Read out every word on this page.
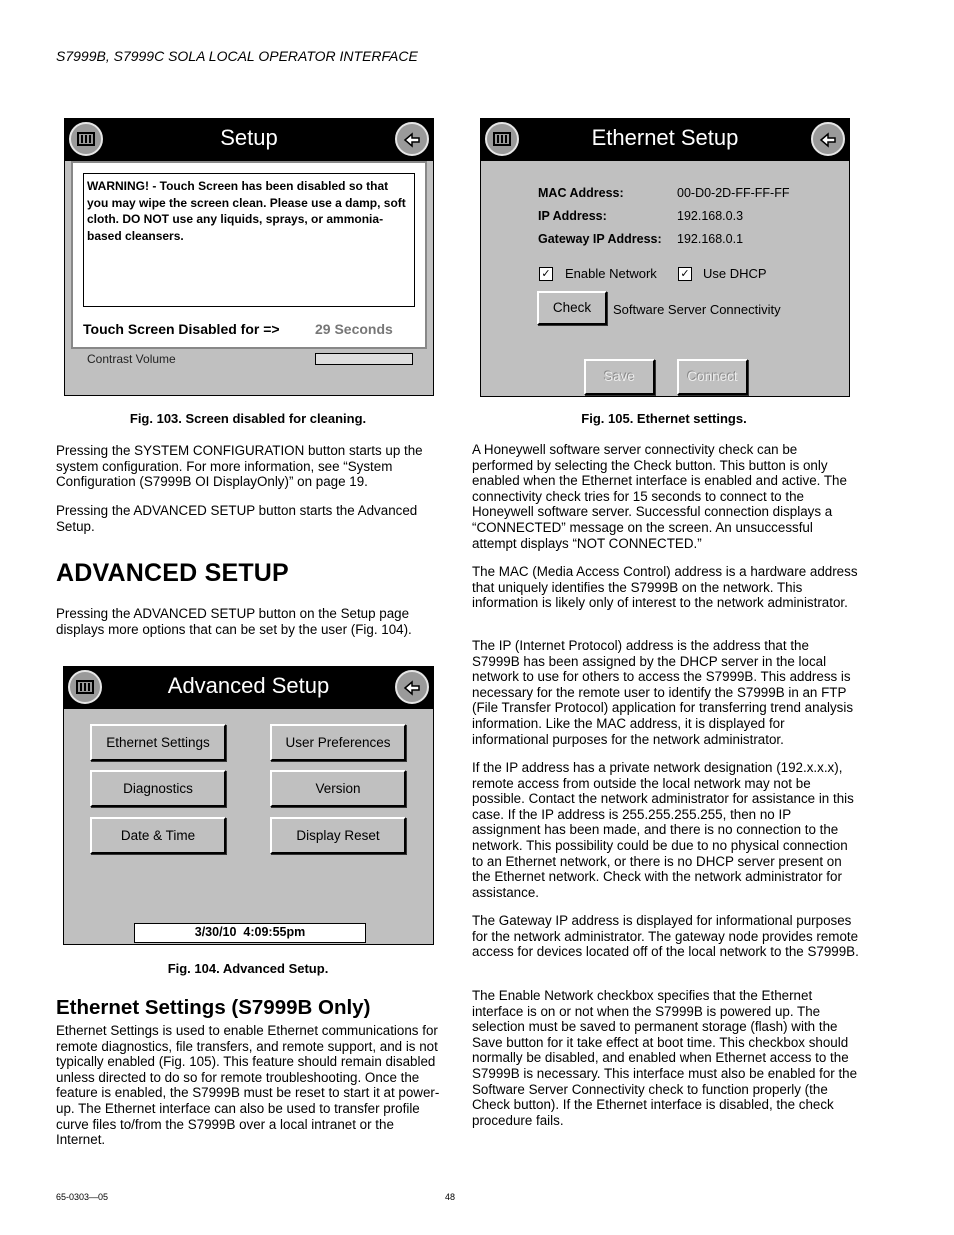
S7999B, S7999C SOLA LOCAL OPERATOR INTERFACE
Setup
Contrast Volume
WARNING! - Touch Screen has been disabled so that you may wipe the screen clean. Please use a damp, soft cloth. DO NOT use any liquids, sprays, or ammonia-based cleansers.
Touch Screen Disabled for =>	29 Seconds
Fig. 103. Screen disabled for cleaning.
Ethernet Setup
MAC Address:	00-D0-2D-FF-FF-FF
IP Address:	192.168.0.3
Gateway IP Address: 192.168.0.1
✓ Enable Network ✓ Use DHCP
Check	Software Server Connectivity
Save	Connect
Fig. 105. Ethernet settings.
Pressing the SYSTEM CONFIGURATION button starts up the system configuration. For more information, see “System Configuration (S7999B OI DisplayOnly)” on page 19.
Pressing the ADVANCED SETUP button starts the Advanced Setup.
ADVANCED SETUP
Pressing the ADVANCED SETUP button on the Setup page displays more options that can be set by the user (Fig. 104).
Advanced Setup
Ethernet Settings	User Preferences
Diagnostics	Version
Date & Time	Display Reset
3/30/10  4:09:55pm
Fig. 104. Advanced Setup.
Ethernet Settings (S7999B Only)
Ethernet Settings is used to enable Ethernet communications for remote diagnostics, file transfers, and remote support, and is not typically enabled (Fig. 105). This feature should remain disabled unless directed to do so for remote troubleshooting. Once the feature is enabled, the S7999B must be reset to start it at power-up. The Ethernet interface can also be used to transfer profile curve files to/from the S7999B over a local intranet or the Internet.
A Honeywell software server connectivity check can be performed by selecting the Check button. This button is only enabled when the Ethernet interface is enabled and active. The connectivity check tries for 15 seconds to connect to the Honeywell software server. Successful connection displays a “CONNECTED” message on the screen. An unsuccessful attempt displays “NOT CONNECTED.”
The MAC (Media Access Control) address is a hardware address that uniquely identifies the S7999B on the network. This information is likely only of interest to the network administrator.
The IP (Internet Protocol) address is the address that the S7999B has been assigned by the DHCP server in the local network to use for others to access the S7999B. This address is necessary for the remote user to identify the S7999B in an FTP (File Transfer Protocol) application for transferring trend analysis information. Like the MAC address, it is displayed for informational purposes for the network administrator.
If the IP address has a private network designation (192.x.x.x), remote access from outside the local network may not be possible. Contact the network administrator for assistance in this case. If the IP address is 255.255.255.255, then no IP assignment has been made, and there is no connection to the network. This possibility could be due to no physical connection to an Ethernet network, or there is no DHCP server present on the Ethernet network. Check with the network administrator for assistance.
The Gateway IP address is displayed for informational purposes for the network administrator. The gateway node provides remote access for devices located off of the local network to the S7999B.
The Enable Network checkbox specifies that the Ethernet interface is on or not when the S7999B is powered up. The selection must be saved to permanent storage (flash) with the Save button for it take effect at boot time. This checkbox should normally be disabled, and enabled when Ethernet access to the S7999B is necessary. This interface must also be enabled for the Software Server Connectivity check to function properly (the Check button). If the Ethernet interface is disabled, the check procedure fails.
65-0303—05	48
